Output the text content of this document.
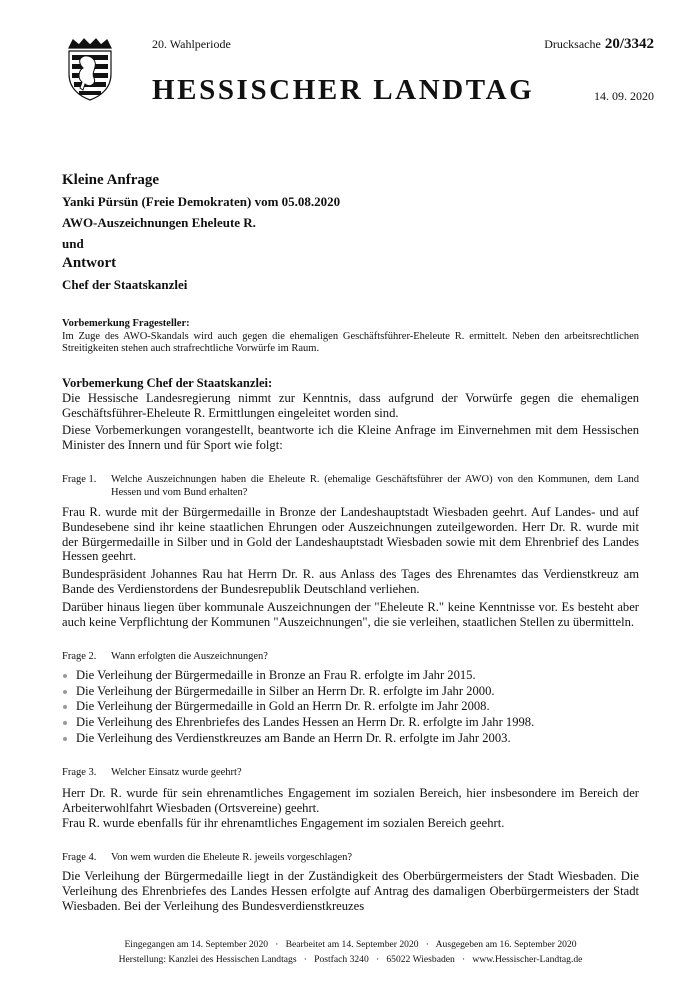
20. Wahlperiode	Drucksache 20/3342
HESSISCHER LANDTAG	14. 09. 2020
Kleine Anfrage
Yanki Pürsün (Freie Demokraten) vom 05.08.2020
AWO-Auszeichnungen Eheleute R.
und
Antwort
Chef der Staatskanzlei
Vorbemerkung Fragesteller:
Im Zuge des AWO-Skandals wird auch gegen die ehemaligen Geschäftsführer-Eheleute R. ermittelt. Neben den arbeitsrechtlichen Streitigkeiten stehen auch strafrechtliche Vorwürfe im Raum.
Vorbemerkung Chef der Staatskanzlei:
Die Hessische Landesregierung nimmt zur Kenntnis, dass aufgrund der Vorwürfe gegen die ehemaligen Geschäftsführer-Eheleute R. Ermittlungen eingeleitet worden sind.
Diese Vorbemerkungen vorangestellt, beantworte ich die Kleine Anfrage im Einvernehmen mit dem Hessischen Minister des Innern und für Sport wie folgt:
Frage 1.	Welche Auszeichnungen haben die Eheleute R. (ehemalige Geschäftsführer der AWO) von den Kommunen, dem Land Hessen und vom Bund erhalten?
Frau R. wurde mit der Bürgermedaille in Bronze der Landeshauptstadt Wiesbaden geehrt. Auf Landes- und auf Bundesebene sind ihr keine staatlichen Ehrungen oder Auszeichnungen zuteilgeworden. Herr Dr. R. wurde mit der Bürgermedaille in Silber und in Gold der Landeshauptstadt Wiesbaden sowie mit dem Ehrenbrief des Landes Hessen geehrt.
Bundespräsident Johannes Rau hat Herrn Dr. R. aus Anlass des Tages des Ehrenamtes das Verdienstkreuz am Bande des Verdienstordens der Bundesrepublik Deutschland verliehen.
Darüber hinaus liegen über kommunale Auszeichnungen der "Eheleute R." keine Kenntnisse vor. Es besteht aber auch keine Verpflichtung der Kommunen "Auszeichnungen", die sie verleihen, staatlichen Stellen zu übermitteln.
Frage 2.	Wann erfolgten die Auszeichnungen?
Die Verleihung der Bürgermedaille in Bronze an Frau R. erfolgte im Jahr 2015.
Die Verleihung der Bürgermedaille in Silber an Herrn Dr. R. erfolgte im Jahr 2000.
Die Verleihung der Bürgermedaille in Gold an Herrn Dr. R. erfolgte im Jahr 2008.
Die Verleihung des Ehrenbriefes des Landes Hessen an Herrn Dr. R. erfolgte im Jahr 1998.
Die Verleihung des Verdienstkreuzes am Bande an Herrn Dr. R. erfolgte im Jahr 2003.
Frage 3.	Welcher Einsatz wurde geehrt?
Herr Dr. R. wurde für sein ehrenamtliches Engagement im sozialen Bereich, hier insbesondere im Bereich der Arbeiterwohlfahrt Wiesbaden (Ortsvereine) geehrt.
Frau R. wurde ebenfalls für ihr ehrenamtliches Engagement im sozialen Bereich geehrt.
Frage 4.	Von wem wurden die Eheleute R. jeweils vorgeschlagen?
Die Verleihung der Bürgermedaille liegt in der Zuständigkeit des Oberbürgermeisters der Stadt Wiesbaden. Die Verleihung des Ehrenbriefes des Landes Hessen erfolgte auf Antrag des damaligen Oberbürgermeisters der Stadt Wiesbaden. Bei der Verleihung des Bundesverdienstkreuzes
Eingegangen am 14. September 2020   ·   Bearbeitet am 14. September 2020   ·   Ausgegeben am 16. September 2020
Herstellung: Kanzlei des Hessischen Landtags   ·   Postfach 3240   ·   65022 Wiesbaden   ·   www.Hessischer-Landtag.de
